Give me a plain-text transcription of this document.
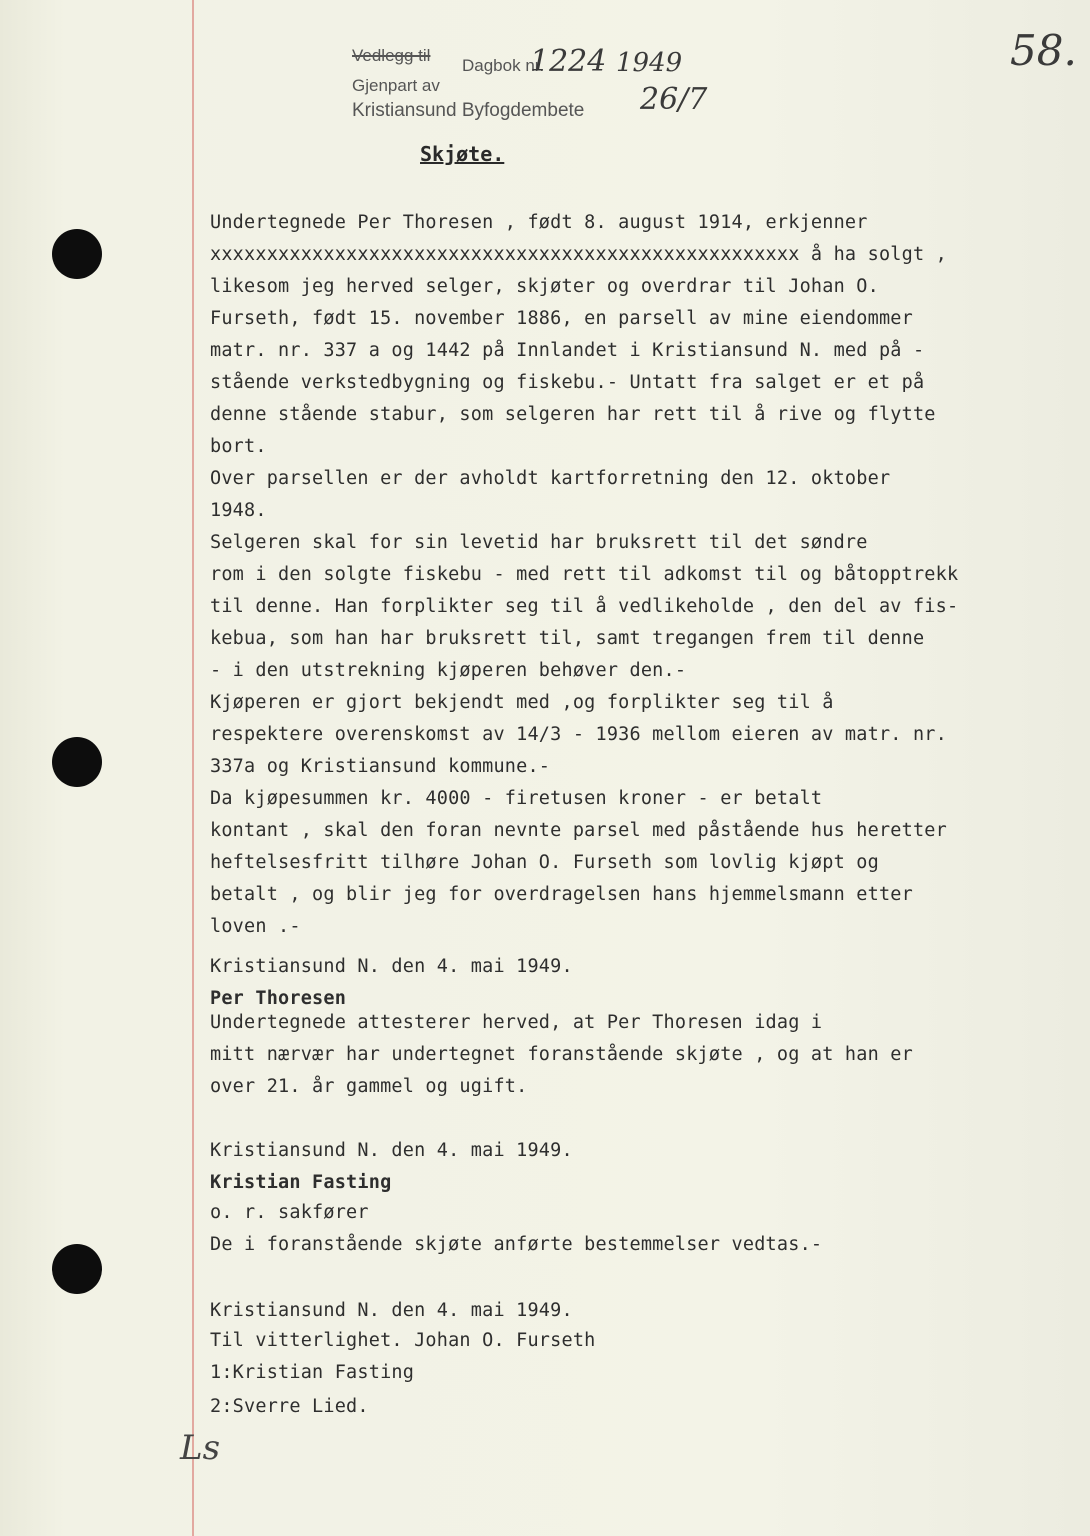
Vedlegg til
Dagbok nr.
Gjenpart av
Kristiansund Byfogdembete
1224 1949
26/7
58.
Skjøte.
Undertegnede Per Thoresen , født 8. august 1914, erkjenner
xxxxxxxxxxxxxxxxxxxxxxxxxxxxxxxxxxxxxxxxxxxxxxxxxxxx å ha solgt ,
likesom jeg herved selger, skjøter og overdrar til Johan O.
Furseth, født 15. november 1886, en parsell av mine eiendommer
matr. nr. 337 a og 1442 på Innlandet i Kristiansund N. med på -
stående verkstedbygning og fiskebu.- Untatt fra salget er et på
denne stående stabur, som selgeren har rett til å rive og flytte
bort.
Over parsellen er der avholdt kartforretning den 12. oktober
1948.
Selgeren skal for sin levetid har bruksrett til det søndre
rom i den solgte fiskebu - med rett til adkomst til og båtopptrekk
til denne. Han forplikter seg til å vedlikeholde , den del av fis-
kebua, som han har bruksrett til, samt tregangen frem til denne
- i den utstrekning kjøperen behøver den.-
Kjøperen er gjort bekjendt med ,og forplikter seg til å
respektere overenskomst av 14/3 - 1936 mellom eieren av matr. nr.
337a og Kristiansund kommune.-
Da kjøpesummen kr. 4000 - firetusen kroner - er betalt
kontant , skal den foran nevnte parsel med påstående hus heretter
heftelsesfritt tilhøre Johan O. Furseth som lovlig kjøpt og
betalt , og blir jeg for overdragelsen hans hjemmelsmann etter
loven .-
Kristiansund N. den 4. mai 1949.
Per Thoresen
Undertegnede attesterer herved, at Per Thoresen idag i
mitt nærvær har undertegnet foranstående skjøte , og at han er
over 21. år gammel og ugift.
Kristiansund N. den 4. mai 1949.
Kristian Fasting
o. r. sakfører
De i foranstående skjøte anførte bestemmelser vedtas.-
Kristiansund N. den 4. mai 1949.
Til vitterlighet. Johan O. Furseth
1:Kristian Fasting
2:Sverre Lied.
Ls
